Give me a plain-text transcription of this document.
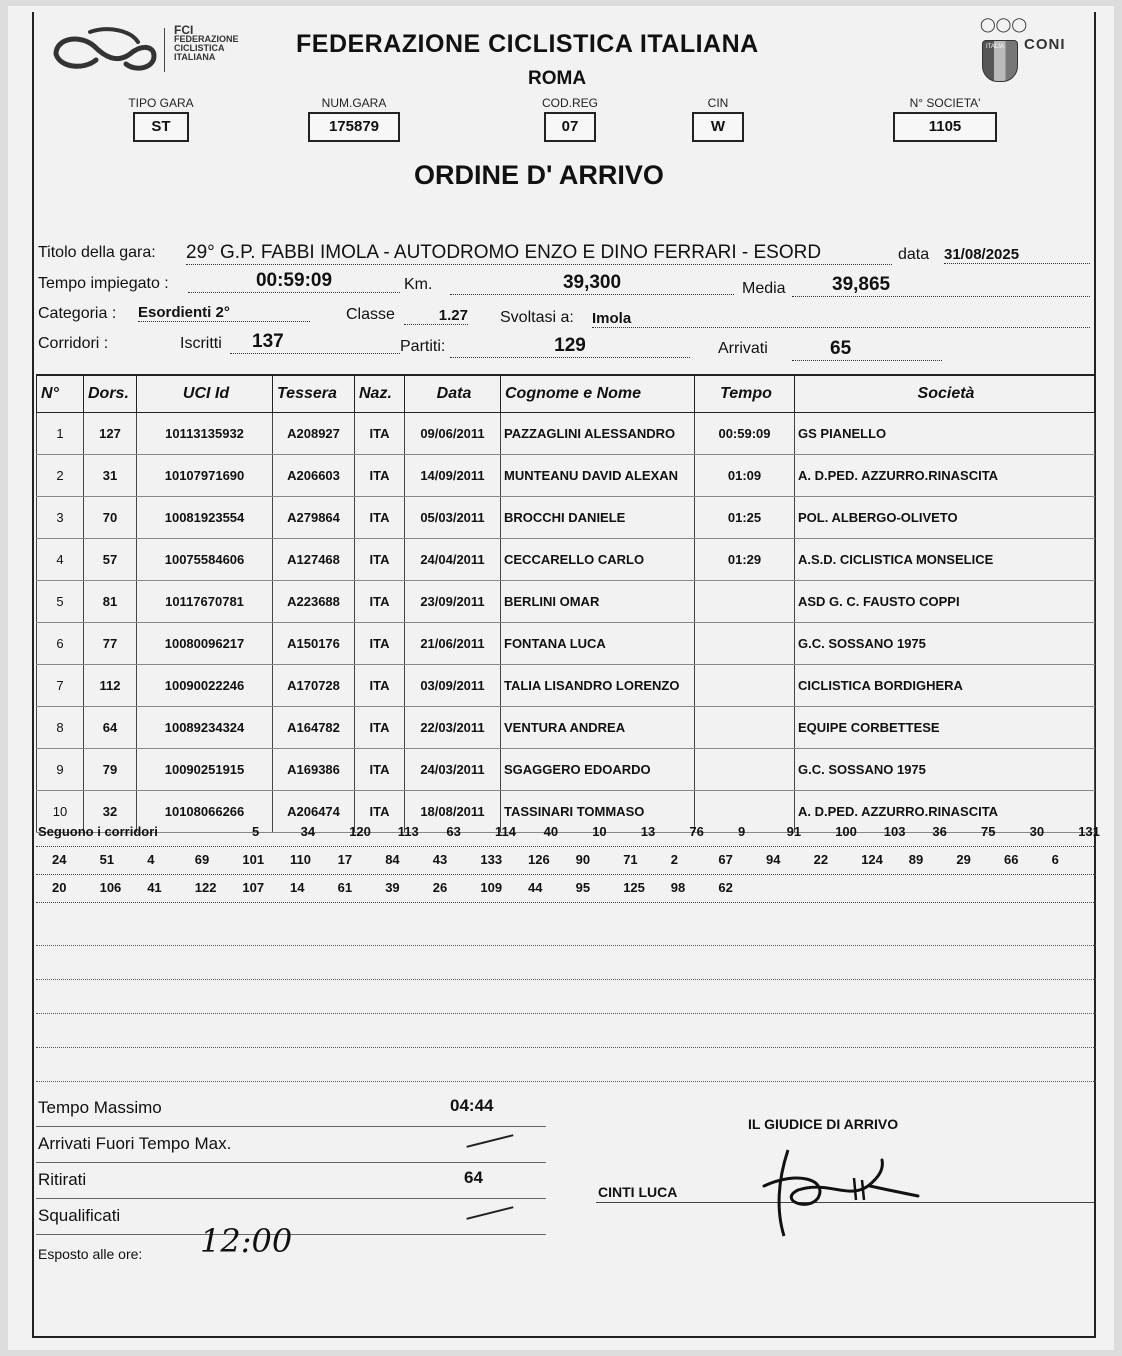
FCI
FEDERAZIONE
CICLISTICA
ITALIANA	FEDERAZIONE CICLISTICA ITALIANA
ROMA
◯◯◯
ITALIA CONI
TIPO GARA
ST
NUM.GARA
175879
COD.REG
07
CIN
W
N° SOCIETA'
1105
ORDINE D' ARRIVO
Titolo della gara: 29° G.P. FABBI IMOLA - AUTODROMO ENZO E DINO FERRARI - ESORD	data 31/08/2025
Tempo impiegato :	00:59:09	Km.	39,300	Media	39,865
Categoria : Esordienti 2°	Classe	1.27 Svoltasi a: Imola
Corridori :	Iscritti	137	Partiti:	129	Arrivati	65
N°	Dors.	UCI Id	Tessera	Naz.	Data	Cognome e Nome	Tempo	Società
1	127	10113135932	A208927	ITA	09/06/2011	PAZZAGLINI ALESSANDRO	00:59:09	GS PIANELLO
2	31	10107971690	A206603	ITA	14/09/2011	MUNTEANU DAVID ALEXAN	01:09	A. D.PED. AZZURRO.RINASCITA
3	70	10081923554	A279864	ITA	05/03/2011	BROCCHI DANIELE	01:25	POL. ALBERGO-OLIVETO
4	57	10075584606	A127468	ITA	24/04/2011	CECCARELLO CARLO	01:29	A.S.D. CICLISTICA MONSELICE
5	81	10117670781	A223688	ITA	23/09/2011	BERLINI OMAR		ASD G. C. FAUSTO COPPI
6	77	10080096217	A150176	ITA	21/06/2011	FONTANA LUCA		G.C. SOSSANO 1975
7	112	10090022246	A170728	ITA	03/09/2011	TALIA LISANDRO LORENZO		CICLISTICA BORDIGHERA
8	64	10089234324	A164782	ITA	22/03/2011	VENTURA ANDREA		EQUIPE CORBETTESE
9	79	10090251915	A169386	ITA	24/03/2011	SGAGGERO EDOARDO		G.C. SOSSANO 1975
10	32	10108066266	A206474	ITA	18/08/2011	TASSINARI TOMMASO		A. D.PED. AZZURRO.RINASCITA
Seguono i corridori	5	34	120 113 63	114 40	10	13	76	9	91	100 103 36	75	30	131
24	51	4	69	101 110 17	84	43	133 126 90	71	2	67	94	22	124 89	29	66	6
20	106 41	122 107 14	61	39	26	109 44	95	125 98	62
Tempo Massimo	04:44
Arrivati Fuori Tempo Max.
Ritirati	64
Squalificati
Esposto alle ore: 12:00
IL GIUDICE DI ARRIVO
CINTI LUCA
